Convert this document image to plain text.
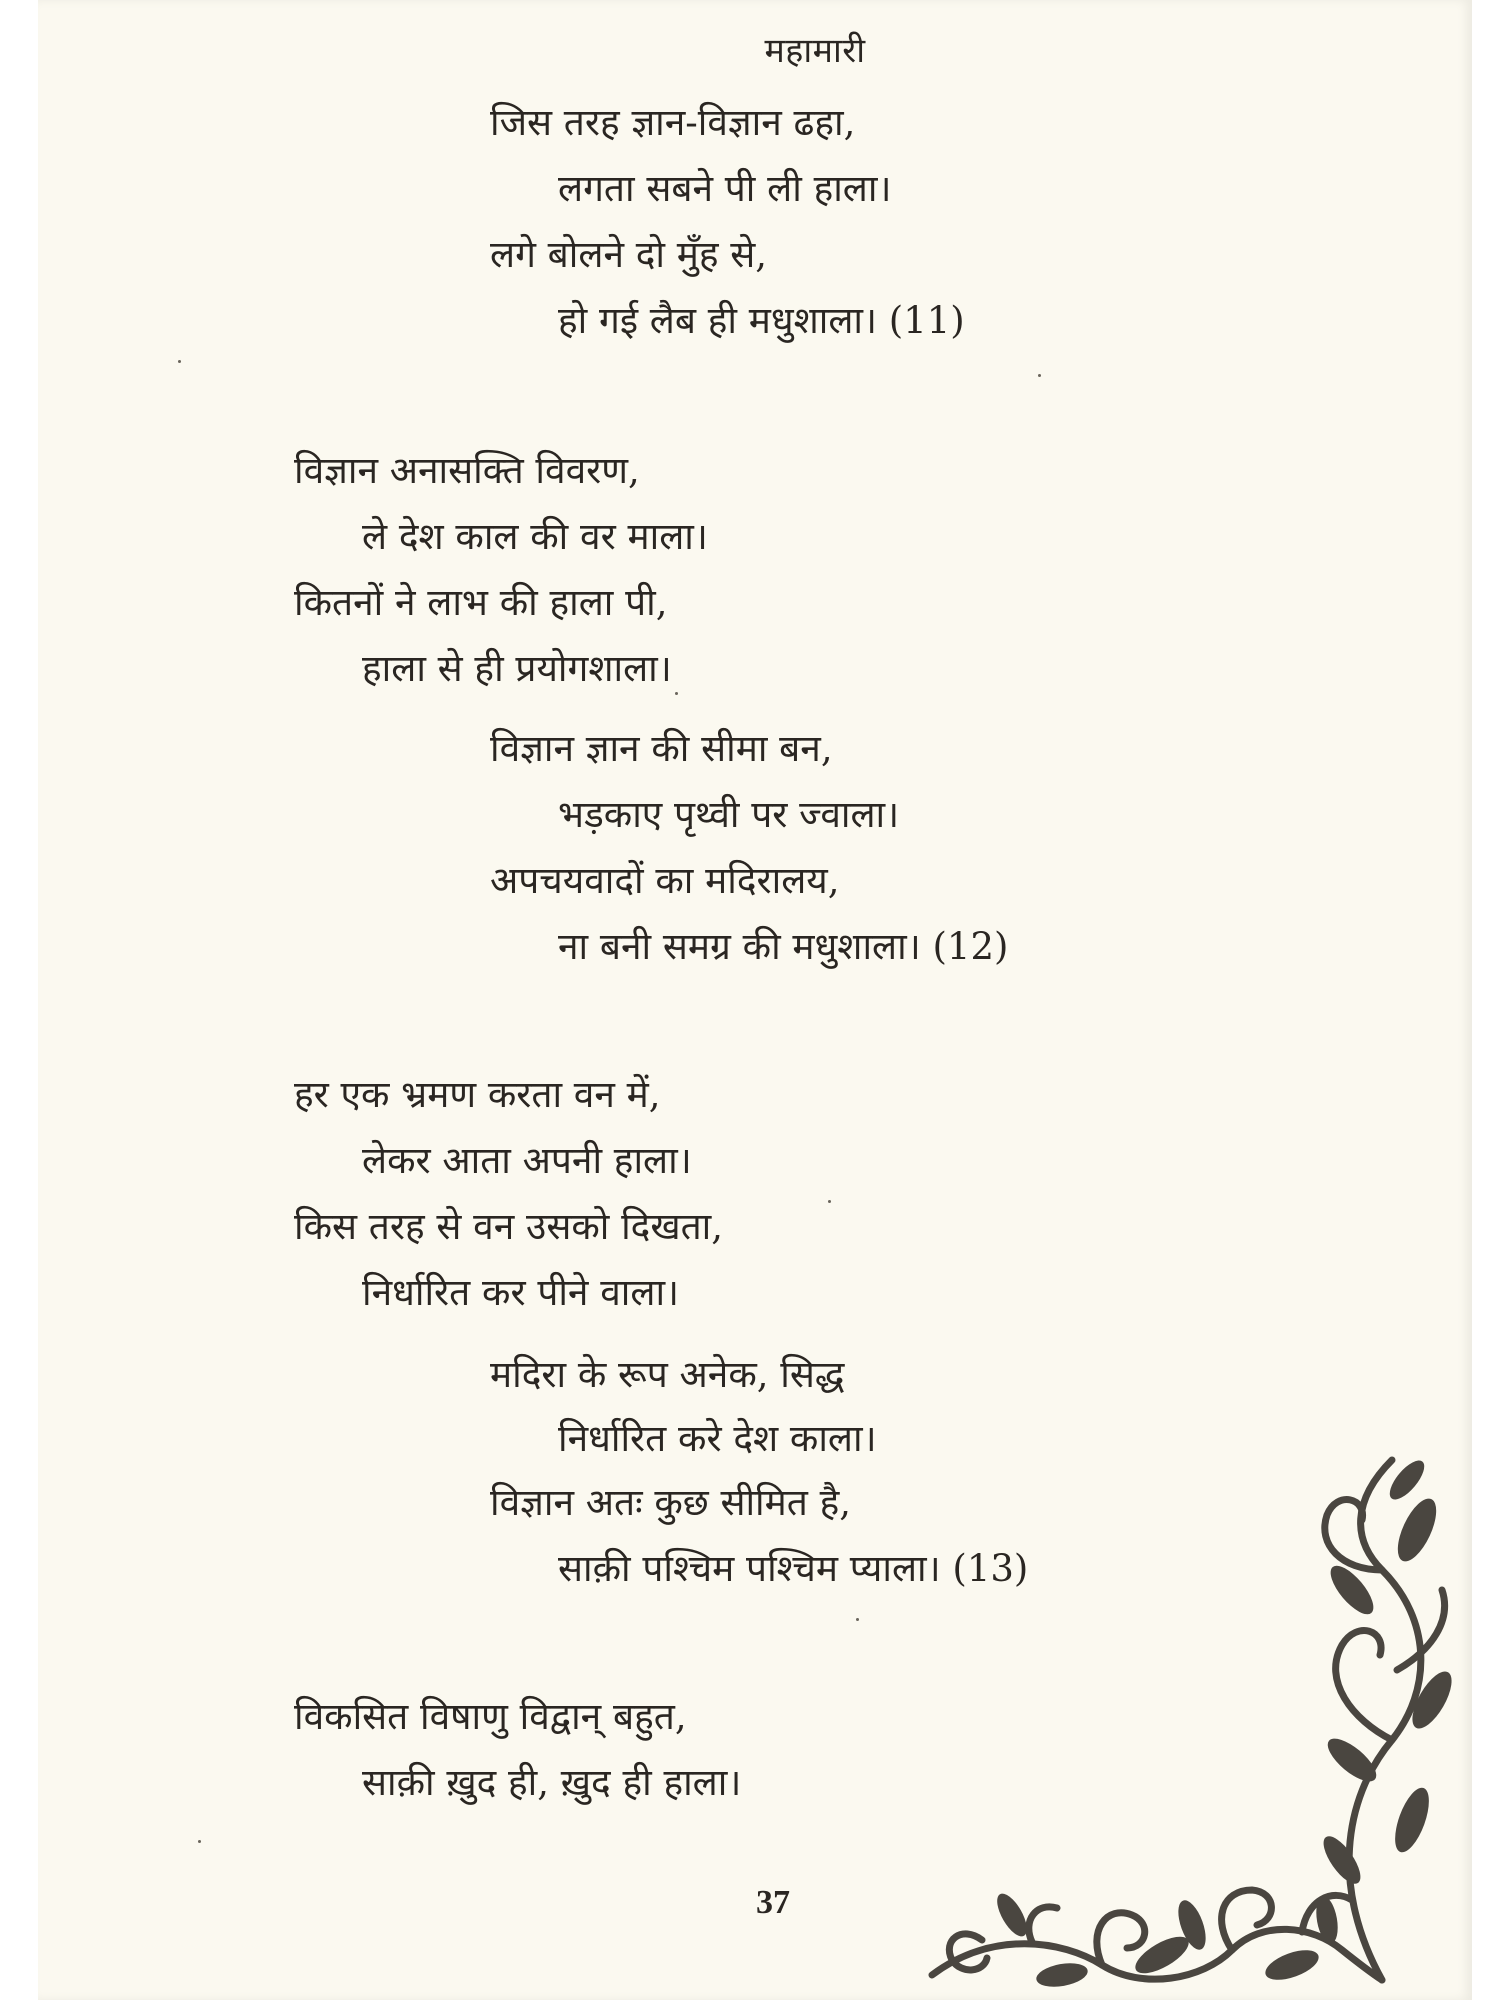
महामारी
जिस तरह ज्ञान-विज्ञान ढहा,
लगता सबने पी ली हाला।
लगे बोलने दो मुँह से,
हो गई लैब ही मधुशाला। (11)
विज्ञान अनासक्ति विवरण,
ले देश काल की वर माला।
कितनों ने लाभ की हाला पी,
हाला से ही प्रयोगशाला।
विज्ञान ज्ञान की सीमा बन,
भड़काए पृथ्वी पर ज्वाला।
अपचयवादों का मदिरालय,
ना बनी समग्र की मधुशाला। (12)
हर एक भ्रमण करता वन में,
लेकर आता अपनी हाला।
किस तरह से वन उसको दिखता,
निर्धारित कर पीने वाला।
मदिरा के रूप अनेक, सिद्ध
निर्धारित करे देश काला।
विज्ञान अतः कुछ सीमित है,
साक़ी पश्चिम पश्चिम प्याला। (13)
विकसित विषाणु विद्वान् बहुत,
साक़ी ख़ुद ही, ख़ुद ही हाला।
37
